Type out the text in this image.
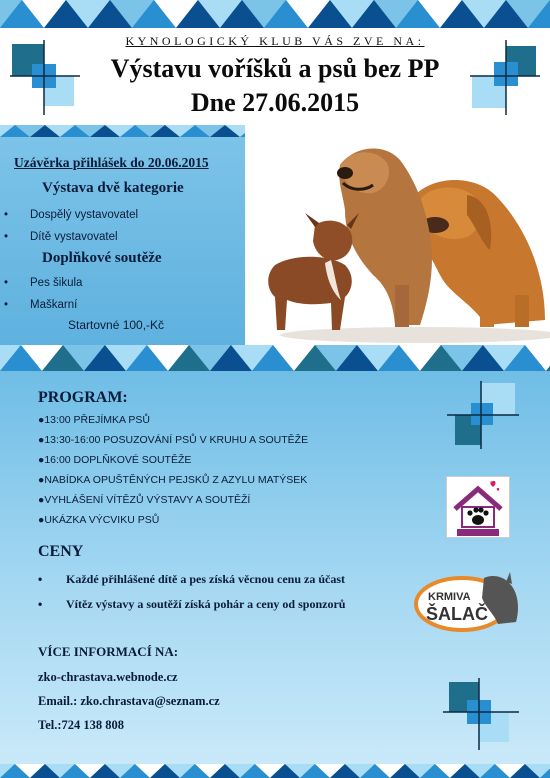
KYNOLOGICKÝ KLUB VÁS ZVE NA:
Výstavu voříšků a psů bez PP
Dne 27.06.2015
Uzávěrka přihlášek do 20.06.2015
Výstava dvě kategorie
• Dospělý vystavovatel
• Dítě vystavovatel
Doplňkové soutěže
• Pes šikula
• Maškarní
Startovné 100,-Kč
PROGRAM:
●13:00 PŘEJÍMKA PSŮ
●13:30-16:00 POSUZOVÁNÍ PSŮ V KRUHU A SOUTĚŽE
●16:00 DOPLŇKOVÉ SOUTĚŽE
●NABÍDKA OPUŠTĚNÝCH PEJSKŮ Z AZYLU MATÝSEK
●VYHLÁŠENÍ VÍTĚZŮ VÝSTAVY A SOUTĚŽÍ
●UKÁZKA VÝCVIKU PSŮ
CENY
• Každé přihlášené dítě a pes získá věcnou cenu za účast
• Vítěz výstavy a soutěží získá pohár a ceny od sponzorů	KRMIVA
ŠALAČ
VÍCE INFORMACÍ NA:
zko-chrastava.webnode.cz
Email.: zko.chrastava@seznam.cz
Tel.:724 138 808
